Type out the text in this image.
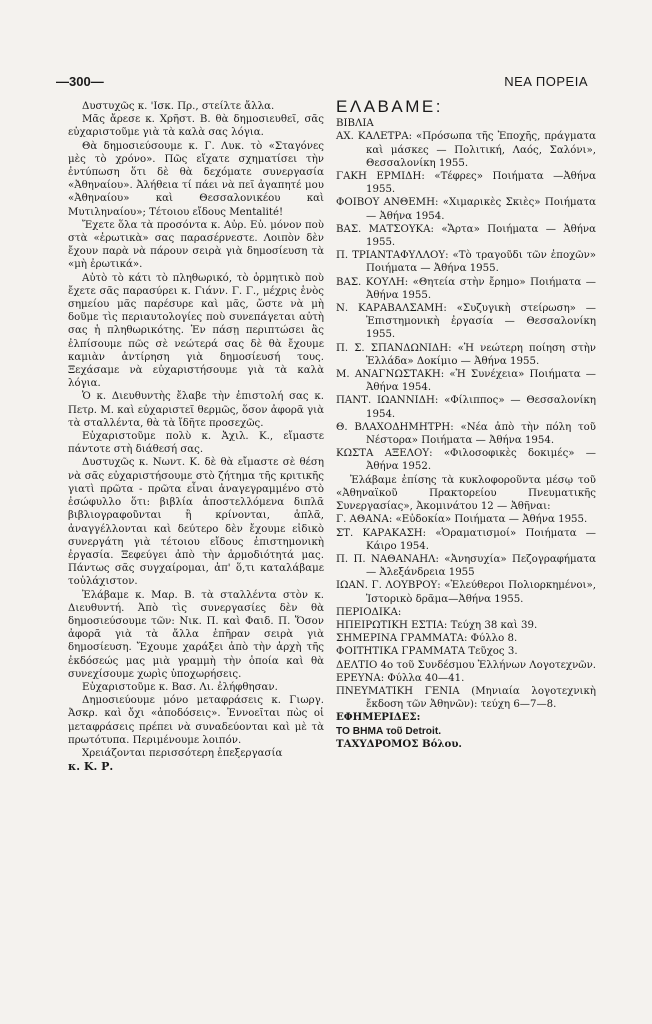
—300—	ΝΕΑ ΠΟΡΕΙΑ

Δυστυχῶς κ. 'Ισκ. Πρ., στείλτε ἄλλα.

Μᾶς ἄρεσε κ. Χρῆστ. Β. θὰ δημοσιευθεῖ, σᾶς εὐχαριστοῦμε γιὰ τὰ καλὰ σας λόγια.

Θὰ δημοσιεύσουμε κ. Γ. Λυκ. τὸ «Σταγόνες μὲς τὸ χρόνο». Πῶς εἴχατε σχηματίσει τὴν ἐντύπωση ὅτι δὲ θὰ δεχόματε συνεργασία «Ἀθηναίου». Ἀλήθεια τί πάει νὰ πεῖ ἀγαπητέ μου «Ἀθηναίου» καὶ Θεσσαλονικέου καὶ Μυτιληναίου»; Τέτοιου εἴδους Mentalité!

Ἔχετε ὅλα τὰ προσόντα κ. Αὐρ. Εὐ. μόνον ποὺ στὰ «ἐρωτικὰ» σας παρασέρνεστε. Λοιπὸν δὲν ἔχουν παρὰ νὰ πάρουν σειρὰ γιὰ δημοσίευση τὰ «μὴ ἐρωτικά».

Αὐτὸ τὸ κάτι τὸ πληθωρικό, τὸ ὁρμητικὸ ποὺ ἔχετε σᾶς παρασύρει κ. Γιάνν. Γ. Γ., μέχρις ἑνὸς σημείου μᾶς παρέσυρε καὶ μᾶς, ὥστε νὰ μὴ δοῦμε τὶς περιαυτολογίες ποὺ συνεπάγεται αὐτὴ σας ἡ πληθωρικότης. Ἐν πάσῃ περιπτώσει ἂς ἐλπίσουμε πῶς σὲ νεώτερά σας δὲ θὰ ἔχουμε καμιὰν ἀντίρηση γιὰ δημοσίευσή τους. Ξεχάσαμε νὰ εὐχαριστήσουμε γιὰ τὰ καλὰ λόγια.

Ὁ κ. Διευθυντὴς ἔλαβε τὴν ἐπιστολή σας κ. Πετρ. Μ. καὶ εὐχαριστεῖ θερμῶς, ὅσον ἀφορᾶ γιὰ τὰ σταλλέντα, θὰ τὰ ἴδῆτε προσεχῶς.

Εὐχαριστοῦμε πολὺ κ. Ἀχιλ. Κ., εἴμαστε πάντοτε στὴ διάθεσή σας.

Δυστυχῶς κ. Νωντ. Κ. δὲ θὰ εἴμαστε σὲ θέση νὰ σᾶς εὐχαριστήσουμε στὸ ζήτημα τῆς κριτικῆς γιατὶ πρῶτα - πρῶτα εἶναι ἀναγεγραμμένο στὸ ἐσώφυλλο ὅτι: βιβλία ἀποστελλόμενα διπλᾶ βιβλιογραφοῦνται ἢ κρίνονται, ἁπλᾶ, ἀναγγέλλονται καὶ δεύτερο δὲν ἔχουμε εἰδικὸ συνεργάτη γιὰ τέτοιου εἴδους ἐπιστημονικὴ ἐργασία. Ξεφεύγει ἀπὸ τὴν ἁρμοδιότητά μας. Πάντως σᾶς συγχαίρομαι, ἀπ' ὅ,τι καταλάβαμε τοὐλάχιστον.

Ἐλάβαμε κ. Μαρ. Β. τὰ σταλλέντα στὸν κ. Διευθυντή. Ἀπὸ τὶς συνεργασίες δὲν θὰ δημοσιεύσουμε τῶν: Νικ. Π. καὶ Φαιδ. Π. Ὅσον ἀφορᾶ γιὰ τὰ ἄλλα ἐπῆραν σειρὰ γιὰ δημοσίευση. Ἔχουμε χαράξει ἀπὸ τὴν ἀρχὴ τῆς ἐκδόσεώς μας μιὰ γραμμὴ τὴν ὁποία καὶ θὰ συνεχίσουμε χωρὶς ὑποχωρήσεις.

Εὐχαριστοῦμε κ. Βασ. Λι. ἐλήφθησαν.

Δημοσιεύουμε μόνο μεταφράσεις κ. Γιωργ. Ἀσκρ. καὶ ὄχι «ἀποδόσεις». Ἐννοεῖται πὼς οἱ μεταφράσεις πρέπει νὰ συναδεύονται καὶ μὲ τὰ πρωτότυπα. Περιμένουμε λοιπόν.

Χρειάζονται περισσότερη ἐπεξεργασία

κ. Κ. Ρ.

ΕΛΑΒΑΜΕ:

ΒΙΒΛΙΑ

ΑΧ. ΚΑΛΕΤΡΑ: «Πρόσωπα τῆς Ἐποχῆς, πράγματα καὶ μάσκες — Πολιτική, Λαός, Σαλόνι», Θεσσαλονίκη 1955.

ΓΑΚΗ ΕΡΜΙΔΗ: «Τέφρες» Ποιήματα —Ἀθήνα 1955.

ΦΟΙΒΟΥ ΑΝΘΕΜΗ: «Χιμαρικὲς Σκιὲς» Ποιήματα — Ἀθήνα 1954.

ΒΑΣ. ΜΑΤΣΟΥΚΑ: «Ἄρτα» Ποιήματα — Ἀθήνα 1955.

Π. ΤΡΙΑΝΤΑΦΥΛΛΟΥ: «Τὸ τραγοῦδι τῶν ἐποχῶν» Ποιήματα — Ἀθήνα 1955.

ΒΑΣ. ΚΟΥΛΗ: «Θητεία στὴν ἔρημο» Ποιήματα — Ἀθήνα 1955.

Ν. ΚΑΡΑΒΑΛΣΑΜΗ: «Συζυγικὴ στείρωση» — Ἐπιστημονικὴ ἐργασία — Θεσσαλονίκη 1955.

Π. Σ. ΣΠΑΝΔΩΝΙΔΗ: «Ἡ νεώτερη ποίηση στὴν Ἑλλάδα» Δοκίμιο — Ἀθήνα 1955.

Μ. ΑΝΑΓΝΩΣΤΑΚΗ: «Ἡ Συνέχεια» Ποιήματα — Ἀθήνα 1954.

ΠΑΝΤ. ΙΩΑΝΝΙΔΗ: «Φίλιππος» — Θεσσαλονίκη 1954.

Θ. ΒΛΑΧΟΔΗΜΗΤΡΗ: «Νέα ἀπὸ τὴν πόλη τοῦ Νέστορα» Ποιήματα — Ἀθήνα 1954.

ΚΩΣΤΑ ΑΞΕΛΟΥ: «Φιλοσοφικὲς δοκιμές» —Ἀθήνα 1952.

Ἐλάβαμε ἐπίσης τὰ κυκλοφοροῦντα μέσῳ τοῦ «Ἀθηναϊκοῦ Πρακτορείου Πνευματικῆς Συνεργασίας», Ἀκομινάτου 12 — Ἀθῆναι:

Γ. ΑΘΑΝΑ: «Εὐδοκία» Ποιήματα — Ἀθήνα 1955.

ΣΤ. ΚΑΡΑΚΑΣΗ: «Ὁραματισμοί» Ποιήματα — Κάιρο 1954.

Π. Π. ΝΑΘΑΝΑΗΛ: «Ἀνησυχία» Πεζογραφήματα — Ἀλεξάνδρεια 1955

ΙΩΑΝ. Γ. ΛΟΥΒΡΟΥ: «Ἐλεύθεροι Πολιορκημένοι», Ἱστορικὸ δρᾶμα—Ἀθήνα 1955.

ΠΕΡΙΟΔΙΚΑ:

ΗΠΕΙΡΩΤΙΚΗ ΕΣΤΙΑ: Τεύχη 38 καὶ 39.

ΣΗΜΕΡΙΝΑ ΓΡΑΜΜΑΤΑ: Φύλλο 8.

ΦΟΙΤΗΤΙΚΑ ΓΡΑΜΜΑΤΑ Τεῦχος 3.

ΔΕΛΤΙΟ 4ο τοῦ Συνδέσμου Ἑλλήνων Λογοτεχνῶν.

ΕΡΕΥΝΑ: Φύλλα 40—41.

ΠΝΕΥΜΑΤΙΚΗ ΓΕΝΙΑ (Μηνιαία λογοτεχνικὴ ἔκδοση τῶν Ἀθηνῶν): τεύχη 6—7—8.

ΕΦΗΜΕΡΙΔΕΣ:

ΤΟ ΒΗΜΑ τοῦ Detroit.

ΤΑΧΥΔΡΟΜΟΣ Βόλου.
